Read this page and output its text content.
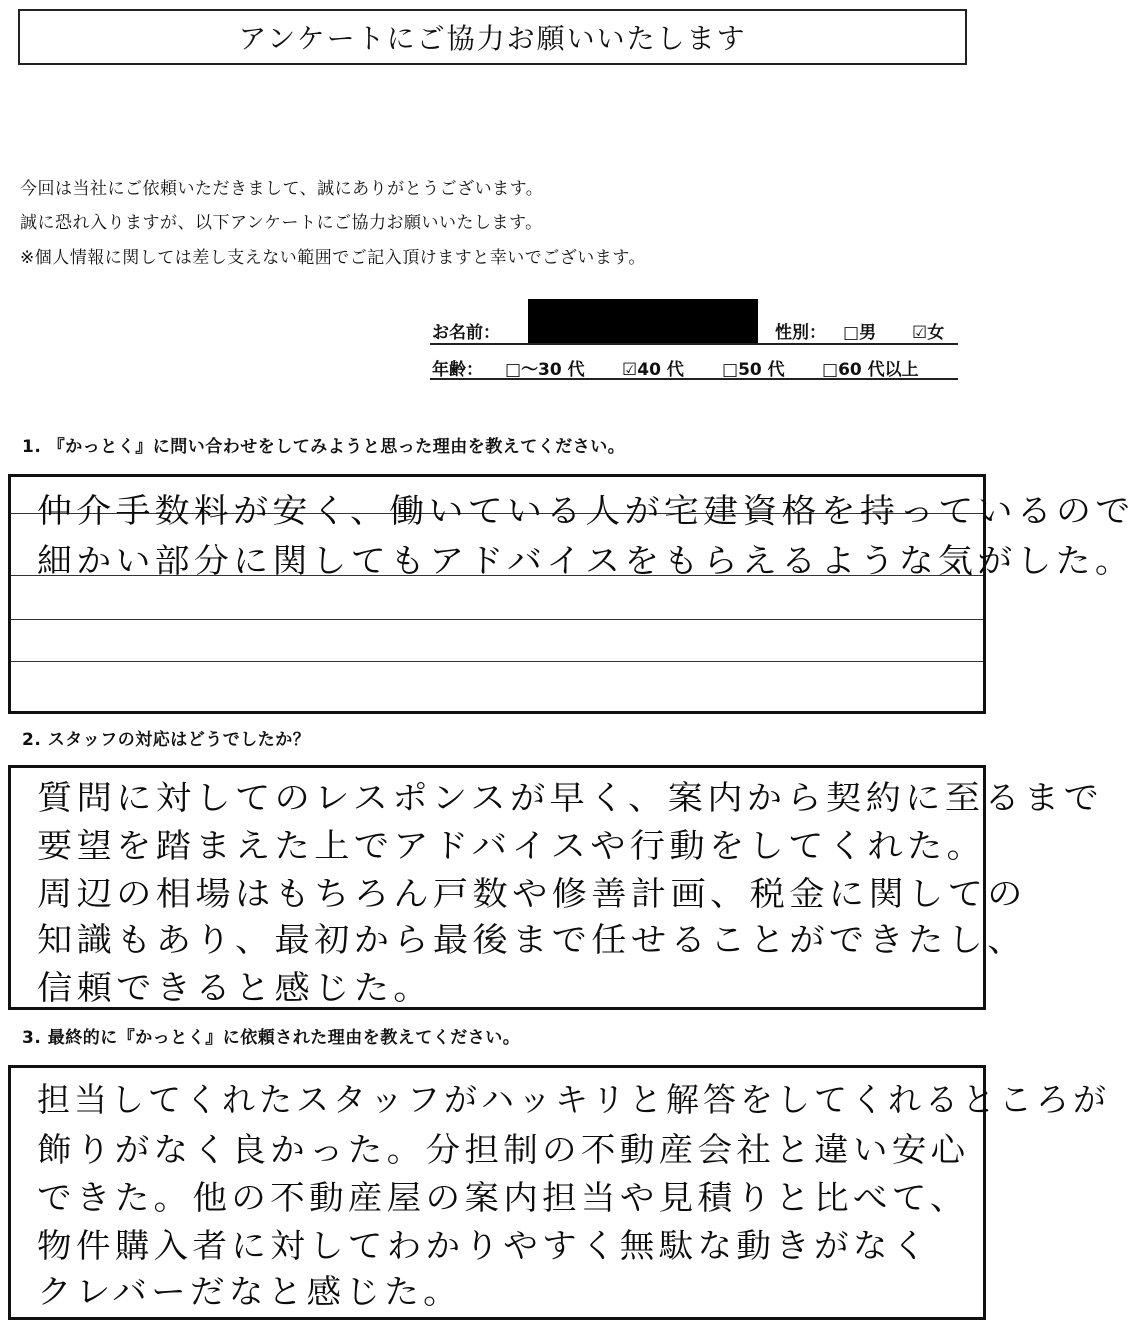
アンケートにご協力お願いいたします
今回は当社にご依頼いただきまして、誠にありがとうございます。
誠に恐れ入りますが、以下アンケートにご協力お願いいたします。
※個人情報に関しては差し支えない範囲でご記入頂けますと幸いでございます。
お名前：	性別： □男 ☑女
年齢： □～30 代 ☑40 代 □50 代 □60 代以上
1. 『かっとく』に問い合わせをしてみようと思った理由を教えてください。
仲介手数料が安く、働いている人が宅建資格を持っているので
細かい部分に関してもアドバイスをもらえるような気がした。
2. スタッフの対応はどうでしたか？
質問に対してのレスポンスが早く、案内から契約に至るまで
要望を踏まえた上でアドバイスや行動をしてくれた。
周辺の相場はもちろん戸数や修善計画、税金に関しての
知識もあり、最初から最後まで任せることができたし、
信頼できると感じた。
3. 最終的に『かっとく』に依頼された理由を教えてください。
担当してくれたスタッフがハッキリと解答をしてくれるところが
飾りがなく良かった。分担制の不動産会社と違い安心
できた。他の不動産屋の案内担当や見積りと比べて、
物件購入者に対してわかりやすく無駄な動きがなく
クレバーだなと感じた。
